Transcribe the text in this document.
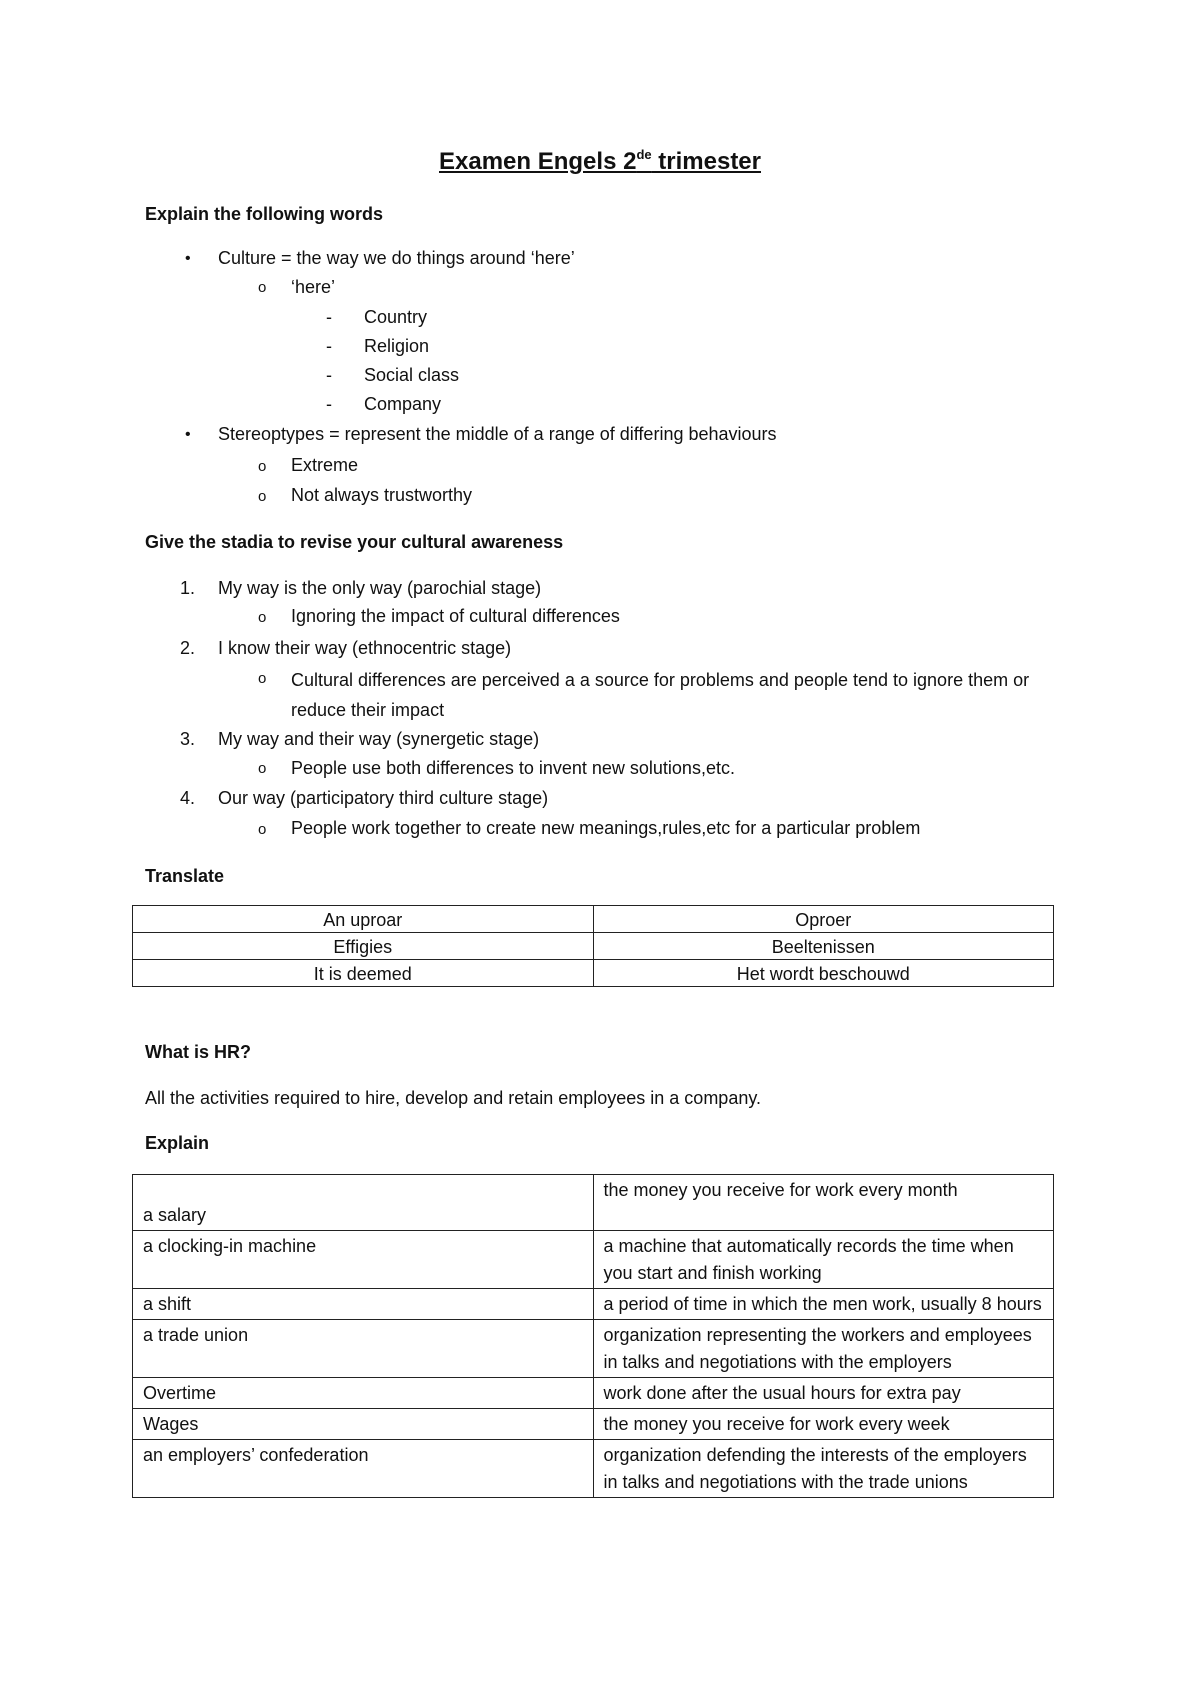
Examen Engels 2de trimester

Explain the following words

• Culture = the way we do things around ‘here’

o ‘here’

- Country

- Religion

- Social class

- Company

• Stereoptypes = represent the middle of a range of differing behaviours

o Extreme

o Not always trustworthy

Give the stadia to revise your cultural awareness

1. My way is the only way (parochial stage)

o Ignoring the impact of cultural differences

2. I know their way (ethnocentric stage)

o Cultural differences are perceived a a source for problems and people tend to ignore them or reduce their impact

3. My way and their way (synergetic stage)

o People use both differences to invent new solutions,etc.

4. Our way (participatory third culture stage)

o People work together to create new meanings,rules,etc for a particular problem

Translate

An uproar	Oproer
Effigies	Beeltenissen
It is deemed	Het wordt beschouwd

What is HR?

All the activities required to hire, develop and retain employees in a company.

Explain

a salary	the money you receive for work every month
a clocking-in machine	a machine that automatically records the time when you start and finish working
a shift	a period of time in which the men work, usually 8 hours
a trade union	organization representing the workers and employees in talks and negotiations with the employers
Overtime	work done after the usual hours for extra pay
Wages	the money you receive for work every week
an employers’ confederation	organization defending the interests of the employers in talks and negotiations with the trade unions
